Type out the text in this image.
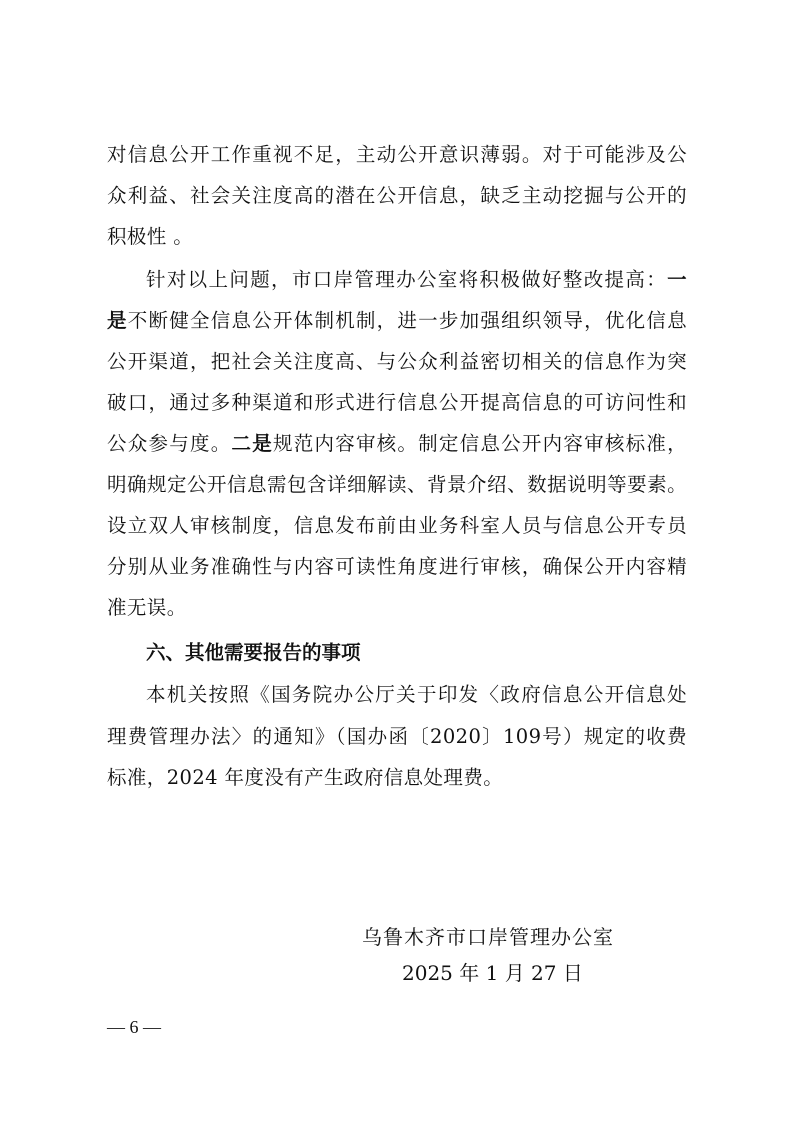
对信息公开工作重视不足，主动公开意识薄弱。对于可能涉及公
众利益、社会关注度高的潜在公开信息，缺乏主动挖掘与公开的
积极性 。
针对以上问题，市口岸管理办公室将积极做好整改提高：一
是不断健全信息公开体制机制，进一步加强组织领导，优化信息
公开渠道，把社会关注度高、与公众利益密切相关的信息作为突
破口，通过多种渠道和形式进行信息公开提高信息的可访问性和
公众参与度。二是规范内容审核。制定信息公开内容审核标准，
明确规定公开信息需包含详细解读、背景介绍、数据说明等要素。
设立双人审核制度，信息发布前由业务科室人员与信息公开专员
分别从业务准确性与内容可读性角度进行审核，确保公开内容精
准无误。
六、其他需要报告的事项
本机关按照《国务院办公厅关于印发〈政府信息公开信息处
理费管理办法〉的通知》（国办函〔2020〕109号）规定的收费
标准，2024 年度没有产生政府信息处理费。
乌鲁木齐市口岸管理办公室
2025 年 1 月 27 日
— 6 —
